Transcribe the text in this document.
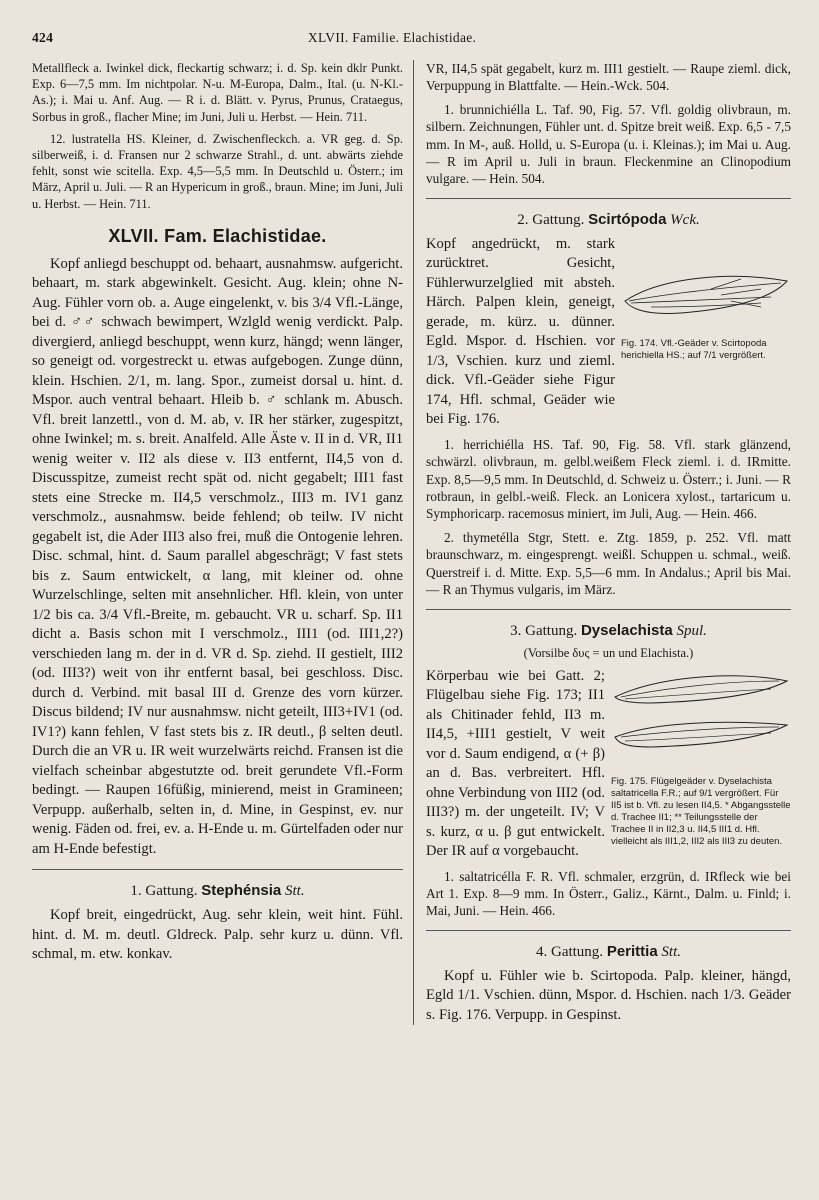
424	XLVII. Familie. Elachistidae.

Metallfleck a. Iwinkel dick, fleckartig schwarz; i. d. Sp. kein dklr Punkt. Exp. 6—7,5 mm. Im nichtpolar. N-u. M-Europa, Dalm., Ital. (u. N-Kl.-As.); i. Mai u. Anf. Aug. — R i. d. Blätt. v. Pyrus, Prunus, Crataegus, Sorbus in groß., flacher Mine; im Juni, Juli u. Herbst. — Hein. 711.

12. lustratella HS. Kleiner, d. Zwischenfleckch. a. VR geg. d. Sp. silberweiß, i. d. Fransen nur 2 schwarze Strahl., d. unt. abwärts ziehde fehlt, sonst wie scitella. Exp. 4,5—5,5 mm. In Deutschld u. Österr.; im März, April u. Juli. — R an Hypericum in groß., braun. Mine; im Juni, Juli u. Herbst. — Hein. 711.

XLVII. Fam. Elachistidae.

Kopf anliegd beschuppt od. behaart, ausnahmsw. aufgericht. behaart, m. stark abgewinkelt. Gesicht. Aug. klein; ohne N-Aug. Fühler vorn ob. a. Auge eingelenkt, v. bis 3/4 Vfl.-Länge, bei d. ♂♂ schwach bewimpert, Wzlgld wenig verdickt. Palp. divergierd, anliegd beschuppt, wenn kurz, hängd; wenn länger, so geneigt od. vorgestreckt u. etwas aufgebogen. Zunge dünn, klein. Hschien. 2/1, m. lang. Spor., zumeist dorsal u. hint. d. Mspor. auch ventral behaart. Hleib b. ♂ schlank m. Abusch. Vfl. breit lanzettl., von d. M. ab, v. IR her stärker, zugespitzt, ohne Iwinkel; m. s. breit. Analfeld. Alle Äste v. II in d. VR, II1 wenig weiter v. II2 als diese v. II3 entfernt, II4,5 von d. Discusspitze, zumeist recht spät od. nicht gegabelt; III1 fast stets eine Strecke m. II4,5 verschmolz., III3 m. IV1 ganz verschmolz., ausnahmsw. beide fehlend; ob teilw. IV nicht gegabelt ist, die Ader III3 also frei, muß die Ontogenie lehren. Disc. schmal, hint. d. Saum parallel abgeschrägt; V fast stets bis z. Saum entwickelt, α lang, mit kleiner od. ohne Wurzelschlinge, selten mit ansehnlicher. Hfl. klein, von unter 1/2 bis ca. 3/4 Vfl.-Breite, m. gebaucht. VR u. scharf. Sp. II1 dicht a. Basis schon mit I verschmolz., III1 (od. III1,2?) verschieden lang m. der in d. VR d. Sp. ziehd. II gestielt, III2 (od. III3?) weit von ihr entfernt basal, bei geschloss. Disc. durch d. Verbind. mit basal III d. Grenze des vorn kürzer. Discus bildend; IV nur ausnahmsw. nicht geteilt, III3+IV1 (od. IV1?) kann fehlen, V fast stets bis z. IR deutl., β selten deutl. Durch die an VR u. IR weit wurzelwärts reichd. Fransen ist die vielfach scheinbar abgestutzte od. breit gerundete Vfl.-Form bedingt. — Raupen 16füßig, minierend, meist in Gramineen; Verpupp. außerhalb, selten in, d. Mine, in Gespinst, ev. nur wenig. Fäden od. frei, ev. a. H-Ende u. m. Gürtelfaden oder nur am H-Ende befestigt.

1. Gattung. Stephénsia Stt.

Kopf breit, eingedrückt, Aug. sehr klein, weit hint. Fühl. hint. d. M. m. deutl. Gldreck. Palp. sehr kurz u. dünn. Vfl. schmal, m. etw. konkav.

VR, II4,5 spät gegabelt, kurz m. III1 gestielt. — Raupe zieml. dick, Verpuppung in Blattfalte. — Hein.-Wck. 504.

1. brunnichiélla L. Taf. 90, Fig. 57. Vfl. goldig olivbraun, m. silbern. Zeichnungen, Fühler unt. d. Spitze breit weiß. Exp. 6,5 - 7,5 mm. In M-, auß. Holld, u. S-Europa (u. i. Kleinas.); im Mai u. Aug. — R im April u. Juli in braun. Fleckenmine an Clinopodium vulgare. — Hein. 504.

2. Gattung. Scirtópoda Wck.

Kopf angedrückt, m. stark zurücktret. Gesicht, Fühlerwurzelglied mit absteh. Härch. Palpen klein, geneigt, gerade, m. kürz. u. dünner. Egld. Mspor. d. Hschien. vor 1/3, Vschien. kurz und zieml. dick. Vfl.-Geäder siehe Figur 174, Hfl. schmal, Geäder wie bei Fig. 176.

Fig. 174. Vfl.-Geäder v. Scirtopoda herichiella HS.; auf 7/1 vergrößert.

1. herrichiélla HS. Taf. 90, Fig. 58. Vfl. stark glänzend, schwärzl. olivbraun, m. gelbl.weißem Fleck zieml. i. d. IRmitte. Exp. 8,5—9,5 mm. In Deutschld, d. Schweiz u. Österr.; i. Juni. — R rotbraun, in gelbl.-weiß. Fleck. an Lonicera xylost., tartaricum u. Symphoricarp. racemosus miniert, im Juli, Aug. — Hein. 466.

2. thymetélla Stgr, Stett. e. Ztg. 1859, p. 252. Vfl. matt braunschwarz, m. eingesprengt. weißl. Schuppen u. schmal., weiß. Querstreif i. d. Mitte. Exp. 5,5—6 mm. In Andalus.; April bis Mai. — R an Thymus vulgaris, im März.

3. Gattung. Dyselachista Spul.
(Vorsilbe δυς = un und Elachista.)

Körperbau wie bei Gatt. 2; Flügelbau siehe Fig. 173; II1 als Chitinader fehld, II3 m. II4,5, +III1 gestielt, V weit vor d. Saum endigend, α (+ β) an d. Bas. verbreitert. Hfl. ohne Verbindung von III2 (od. III3?) m. der ungeteilt. IV; V s. kurz, α u. β gut entwickelt. Der IR auf α vorgebaucht.

Fig. 175. Flügelgeäder v. Dyselachista saltatricella F.R.; auf 9/1 vergrößert. Für II5 ist b. Vfl. zu lesen II4,5. * Abgangsstelle d. Trachee II1; ** Teilungsstelle der Trachee II in II2,3 u. II4,5 III1 d. Hfl. vielleicht als III1,2, III2 als III3 zu deuten.

1. saltatricélla F. R. Vfl. schmaler, erzgrün, d. IRfleck wie bei Art 1. Exp. 8—9 mm. In Österr., Galiz., Kärnt., Dalm. u. Finld; i. Mai, Juni. — Hein. 466.

4. Gattung. Perittia Stt.

Kopf u. Fühler wie b. Scirtopoda. Palp. kleiner, hängd, Egld 1/1. Vschien. dünn, Mspor. d. Hschien. nach 1/3. Geäder s. Fig. 176. Verpupp. in Gespinst.
